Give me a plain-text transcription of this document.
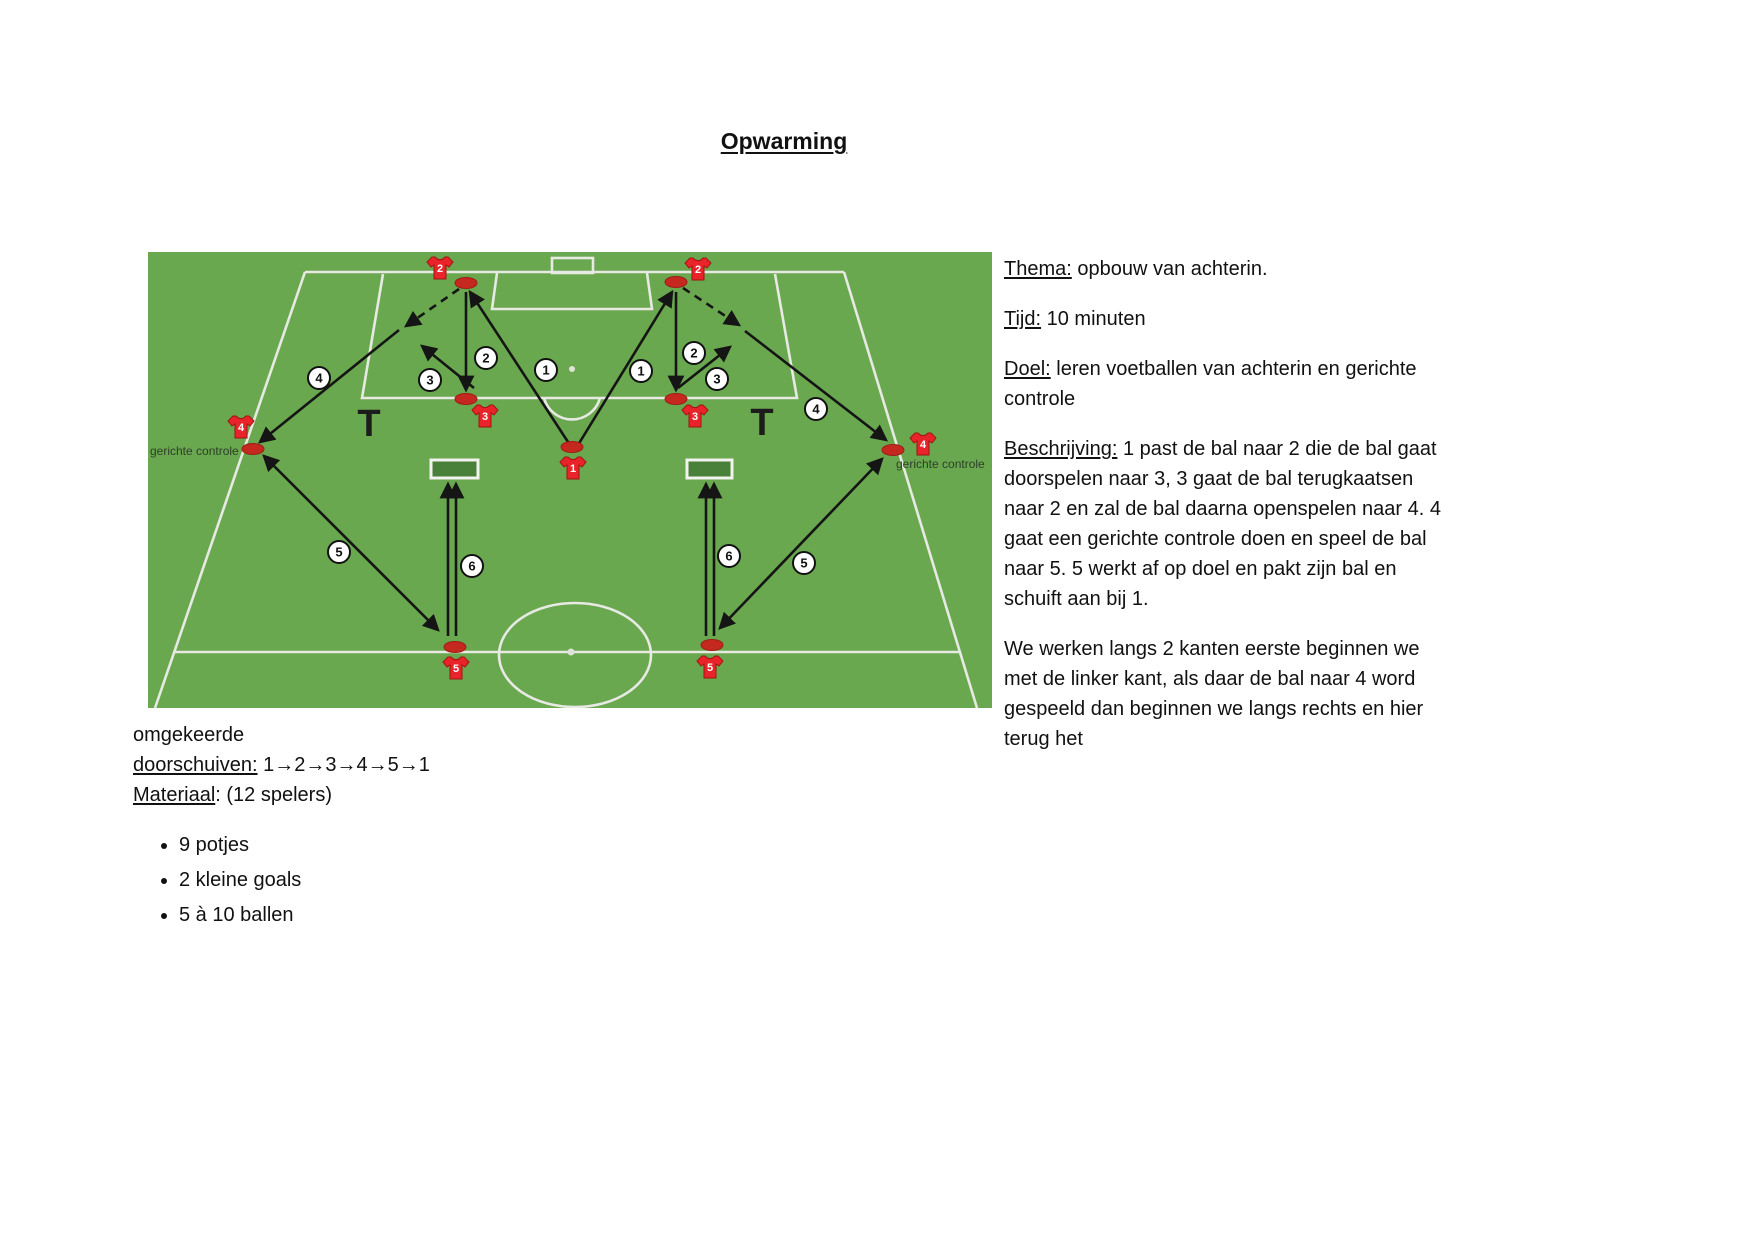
Opwarming
2	2
3	3
4
4
5	5
1
4	3
2
1	1
2
3
4
5
6
6	5
T	T
gerichte controle
gerichte controle

Thema: opbouw van achterin.

Tijd: 10 minuten

Doel: leren voetballen van achterin en gerichte controle

Beschrijving: 1 past de bal naar 2 die de bal gaat doorspelen naar 3, 3 gaat de bal terugkaatsen naar 2 en zal de bal daarna openspelen naar 4. 4 gaat een gerichte controle doen en speel de bal naar 5. 5 werkt af op doel en pakt zijn bal en schuift aan bij 1.

We werken langs 2 kanten eerste beginnen we met de linker kant, als daar de bal naar 4 word gespeeld dan beginnen we langs rechts en hier terug het

omgekeerde
doorschuiven: 1→2→3→4→5→1
Materiaal: (12 spelers)
• 9 potjes
• 2 kleine goals
• 5 à 10 ballen
